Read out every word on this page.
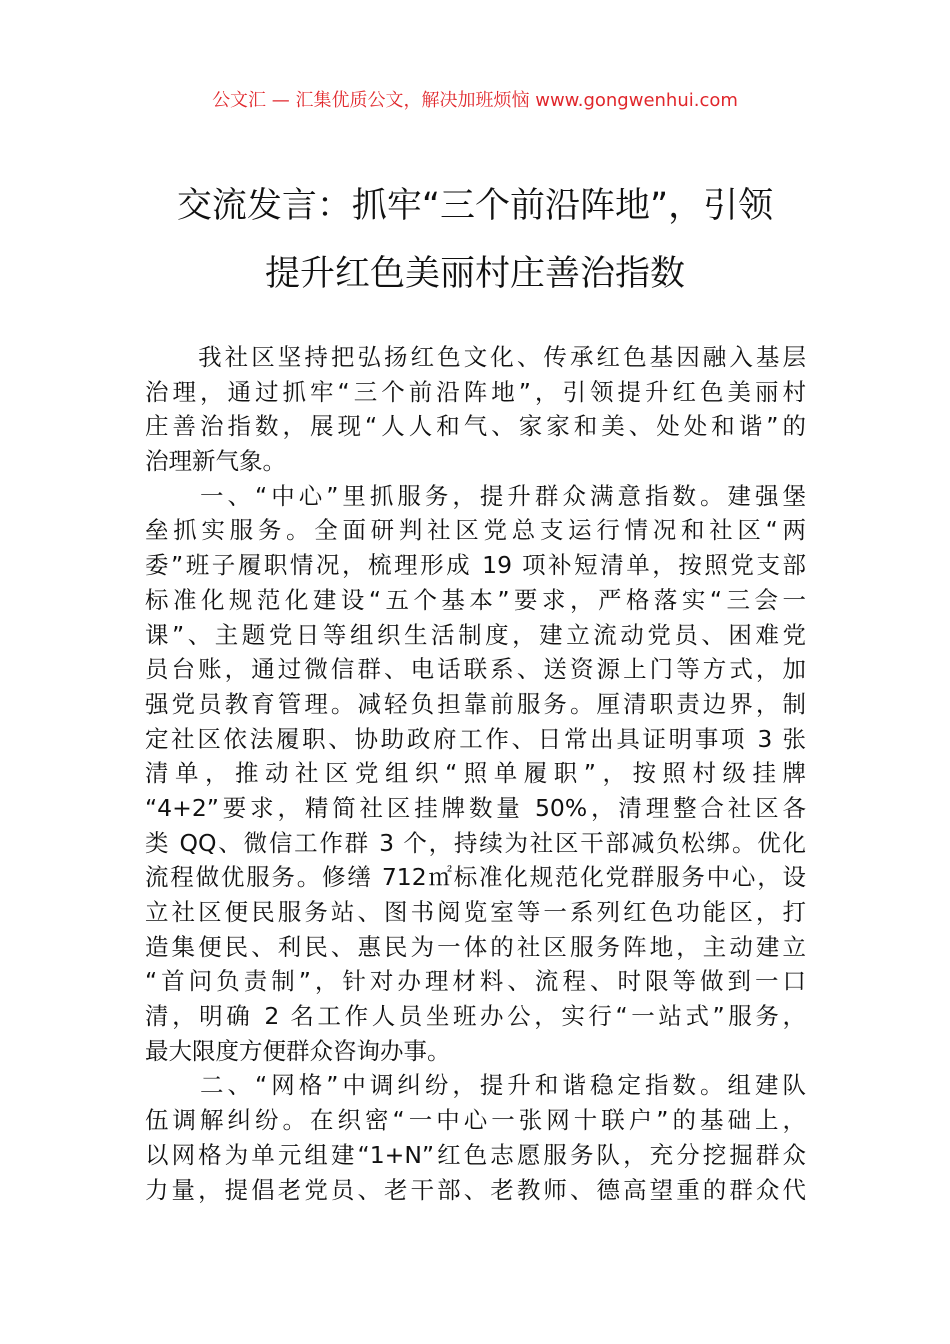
公文汇 — 汇集优质公文，解决加班烦恼 www.gongwenhui.com
交流发言：抓牢“三个前沿阵地”，引领
提升红色美丽村庄善治指数
　　我社区坚持把弘扬红色文化、传承红色基因融入基层
治理，通过抓牢“三个前沿阵地”，引领提升红色美丽村
庄善治指数，展现“人人和气、家家和美、处处和谐”的
治理新气象。
　　一、“中心”里抓服务，提升群众满意指数。建强堡
垒抓实服务。全面研判社区党总支运行情况和社区“两
委”班子履职情况，梳理形成 19 项补短清单，按照党支部
标准化规范化建设“五个基本”要求，严格落实“三会一
课”、主题党日等组织生活制度，建立流动党员、困难党
员台账，通过微信群、电话联系、送资源上门等方式，加
强党员教育管理。减轻负担靠前服务。厘清职责边界，制
定社区依法履职、协助政府工作、日常出具证明事项 3 张
清单，推动社区党组织“照单履职”，按照村级挂牌
“4+2”要求，精简社区挂牌数量 50%，清理整合社区各
类 QQ、微信工作群 3 个，持续为社区干部减负松绑。优化
流程做优服务。修缮 712㎡标准化规范化党群服务中心，设
立社区便民服务站、图书阅览室等一系列红色功能区，打
造集便民、利民、惠民为一体的社区服务阵地，主动建立
“首问负责制”，针对办理材料、流程、时限等做到一口
清，明确 2 名工作人员坐班办公，实行“一站式”服务，
最大限度方便群众咨询办事。
　　二、“网格”中调纠纷，提升和谐稳定指数。组建队
伍调解纠纷。在织密“一中心一张网十联户”的基础上，
以网格为单元组建“1+N”红色志愿服务队，充分挖掘群众
力量，提倡老党员、老干部、老教师、德高望重的群众代
